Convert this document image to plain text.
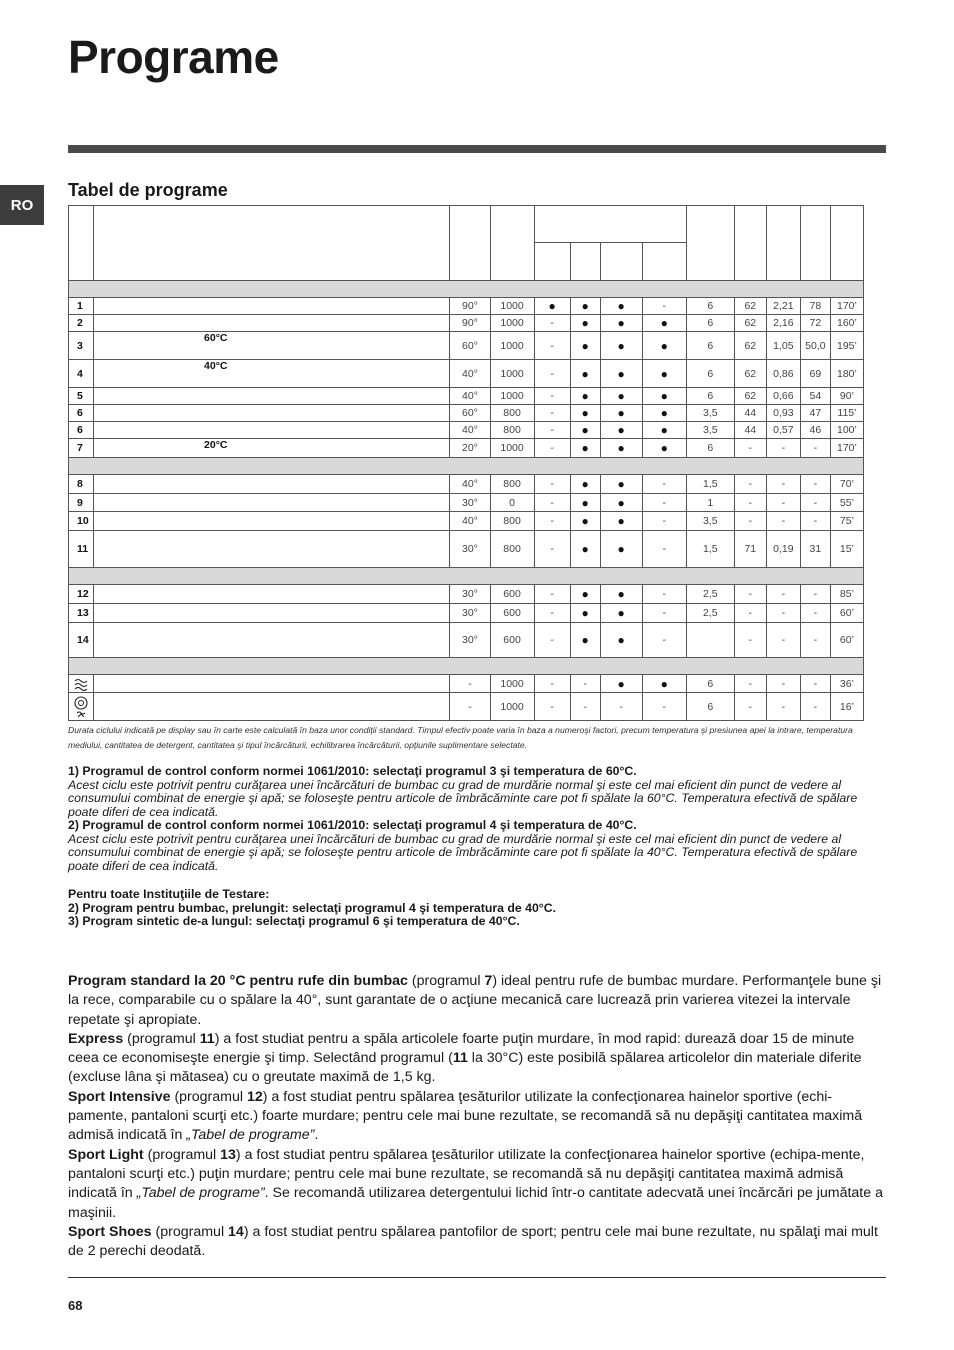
Programe
RO
Tabel de programe

1		90°	1000	●	●	●	-	6	62	2,21	78	170’
2		90°	1000	-	●	●	●	6	62	2,16	72	160’
3	60°C	60°	1000	-	●	●	●	6	62	1,05	50,0	195’
4	40°C	40°	1000	-	●	●	●	6	62	0,86	69	180’
5		40°	1000	-	●	●	●	6	62	0,66	54	90’
6		60°	800	-	●	●	●	3,5	44	0,93	47	115’
6		40°	800	-	●	●	●	3,5	44	0,57	46	100’
7	20°C	20°	1000	-	●	●	●	6	-	-	-	170’

8		40°	800	-	●	●	-	1,5	-	-	-	70’
9		30°	0	-	●	●	-	1	-	-	-	55’
10		40°	800	-	●	●	-	3,5	-	-	-	75’
11		30°	800	-	●	●	-	1,5	71	0,19	31	15’

12		30°	600	-	●	●	-	2,5	-	-	-	85’
13		30°	600	-	●	●	-	2,5	-	-	-	60’
14		30°	600	-	●	●	-		-	-	-	60’

		-	1000	-	-	●	●	6	-	-	-	36’

		-	1000	-	-	-	-	6	-	-	-	16’
Durata ciclului indicată pe display sau în carte este calculată în baza unor condiţii standard. Timpul efectiv poate varia în baza a numeroşi factori, precum temperatura şi presiunea apei la intrare, temperatura mediului, cantitatea de detergent, cantitatea şi tipul încărcăturii, echilibrarea încărcăturii, opţiunile suplimentare selectate.
1) Programul de control conform normei 1061/2010: selectaţi programul 3 şi temperatura de 60°C.
Acest ciclu este potrivit pentru curăţarea unei încărcături de bumbac cu grad de murdărie normal şi este cel mai eficient din punct de vedere al consumului combinat de energie şi apă; se foloseşte pentru articole de îmbrăcăminte care pot fi spălate la 60°C. Temperatura efectivă de spălare poate diferi de cea indicată.
2) Programul de control conform normei 1061/2010: selectaţi programul 4 şi temperatura de 40°C.
Acest ciclu este potrivit pentru curăţarea unei încărcături de bumbac cu grad de murdărie normal şi este cel mai eficient din punct de vedere al consumului combinat de energie şi apă; se foloseşte pentru articole de îmbrăcăminte care pot fi spălate la 40°C. Temperatura efectivă de spălare poate diferi de cea indicată.
Pentru toate Instituţiile de Testare:
2) Program pentru bumbac, prelungit: selectaţi programul 4 şi temperatura de 40°C.
3) Program sintetic de-a lungul: selectaţi programul 6 şi temperatura de 40°C.

Program standard la 20 °C pentru rufe din bumbac (programul 7) ideal pentru rufe de bumbac murdare. Performanţele bune şi la rece, comparabile cu o spălare la 40°, sunt garantate de o acţiune mecanică care lucrează prin varierea vitezei la intervale repetate şi apropiate.

Express (programul 11) a fost studiat pentru a spăla articolele foarte puţin murdare, în mod rapid: durează doar 15 de minute ceea ce economiseşte energie şi timp. Selectând programul (11 la 30°C) este posibilă spălarea articolelor din materiale diferite (excluse lâna şi mătasea) cu o greutate maximă de 1,5 kg.

Sport Intensive (programul 12) a fost studiat pentru spălarea ţesăturilor utilizate la confecţionarea hainelor sportive (echi-pamente, pantaloni scurţi etc.) foarte murdare; pentru cele mai bune rezultate, se recomandă să nu depăşiţi cantitatea maximă admisă indicată în „Tabel de programe”.

Sport Light (programul 13) a fost studiat pentru spălarea ţesăturilor utilizate la confecţionarea hainelor sportive (echipa-mente, pantaloni scurţi etc.) puţin murdare; pentru cele mai bune rezultate, se recomandă să nu depăşiţi cantitatea maximă admisă indicată în „Tabel de programe”. Se recomandă utilizarea detergentului lichid într-o cantitate adecvată unei încărcări pe jumătate a maşinii.

Sport Shoes (programul 14) a fost studiat pentru spălarea pantofilor de sport; pentru cele mai bune rezultate, nu spălaţi mai mult de 2 perechi deodată.

68
